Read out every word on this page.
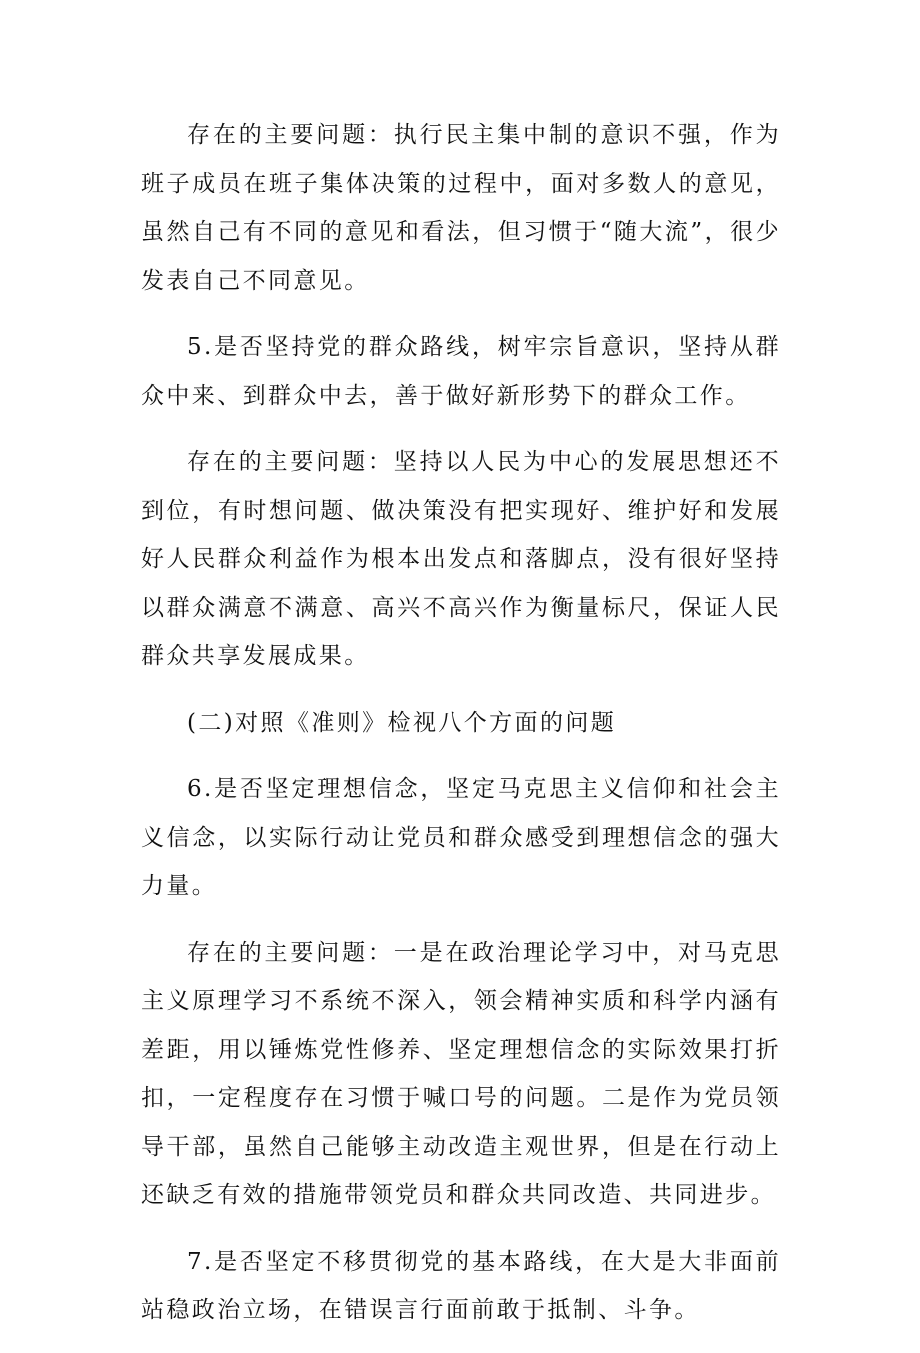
存在的主要问题：执行民主集中制的意识不强，作为班子成员在班子集体决策的过程中，面对多数人的意见，虽然自己有不同的意见和看法，但习惯于“随大流”，很少发表自己不同意见。

5.是否坚持党的群众路线，树牢宗旨意识，坚持从群众中来、到群众中去，善于做好新形势下的群众工作。

存在的主要问题：坚持以人民为中心的发展思想还不到位，有时想问题、做决策没有把实现好、维护好和发展好人民群众利益作为根本出发点和落脚点，没有很好坚持以群众满意不满意、高兴不高兴作为衡量标尺，保证人民群众共享发展成果。

(二)对照《准则》检视八个方面的问题

6.是否坚定理想信念，坚定马克思主义信仰和社会主义信念，以实际行动让党员和群众感受到理想信念的强大力量。

存在的主要问题：一是在政治理论学习中，对马克思主义原理学习不系统不深入，领会精神实质和科学内涵有差距，用以锤炼党性修养、坚定理想信念的实际效果打折扣，一定程度存在习惯于喊口号的问题。二是作为党员领导干部，虽然自己能够主动改造主观世界，但是在行动上还缺乏有效的措施带领党员和群众共同改造、共同进步。

7.是否坚定不移贯彻党的基本路线，在大是大非面前站稳政治立场，在错误言行面前敢于抵制、斗争。
